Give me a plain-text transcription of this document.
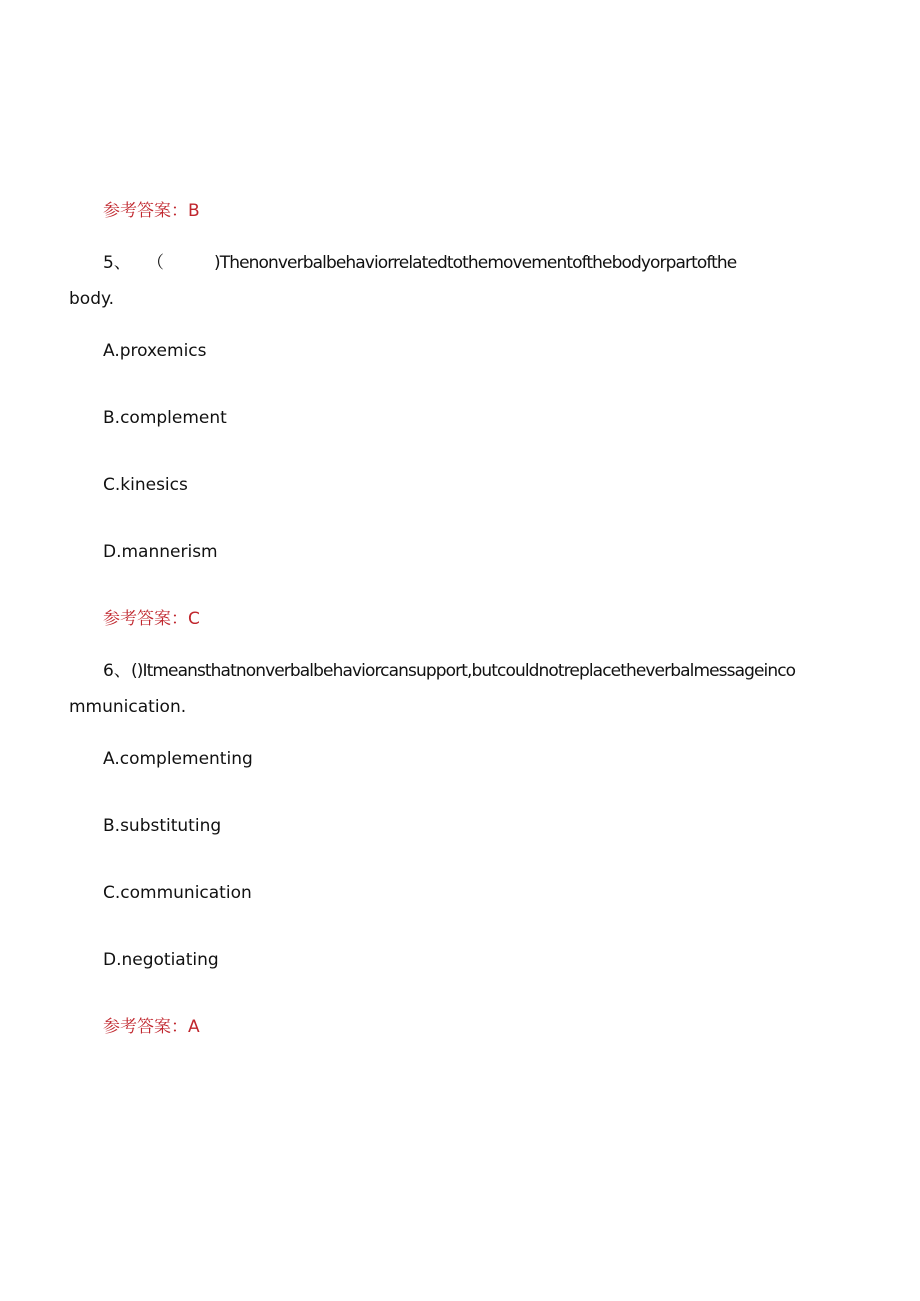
参考答案：B
5、 （	)Thenonverbalbehaviorrelatedtothemovementofthebodyorpartofthe
body.
A.proxemics
B.complement
C.kinesics
D.mannerism
参考答案：C
6、()Itmeansthatnonverbalbehaviorcansupport,butcouldnotreplacetheverbalmessageinco
mmunication.
A.complementing
B.substituting
C.communication
D.negotiating
参考答案：A
